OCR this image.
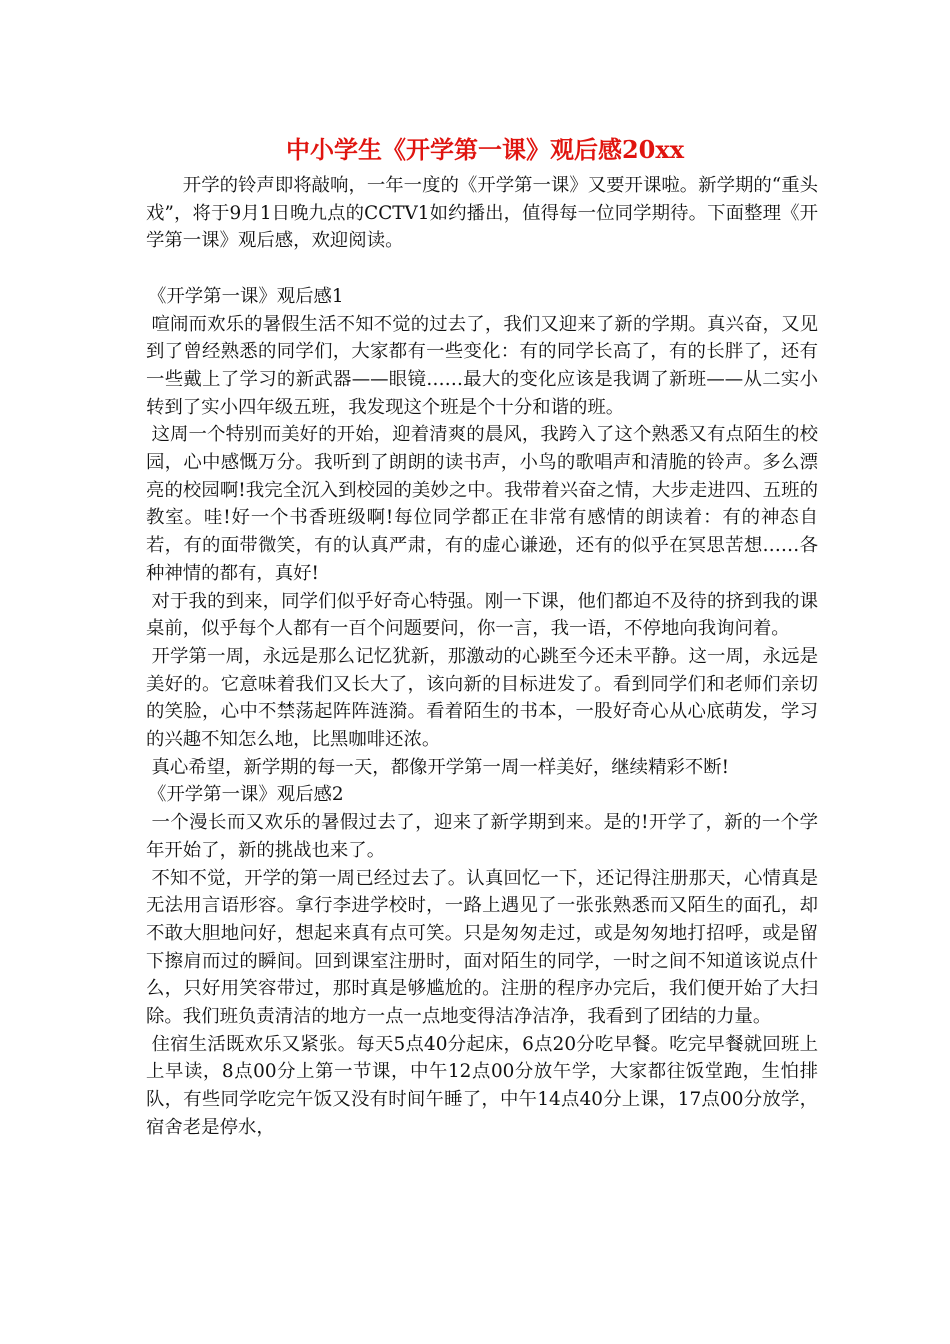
中小学生《开学第一课》观后感20xx

开学的铃声即将敲响，一年一度的《开学第一课》又要开课啦。新学期的“重头戏”，将于9月1日晚九点的CCTV1如约播出，值得每一位同学期待。下面整理《开学第一课》观后感，欢迎阅读。

《开学第一课》观后感1

喧闹而欢乐的暑假生活不知不觉的过去了，我们又迎来了新的学期。真兴奋，又见到了曾经熟悉的同学们，大家都有一些变化：有的同学长高了，有的长胖了，还有一些戴上了学习的新武器——眼镜……最大的变化应该是我调了新班——从二实小转到了实小四年级五班，我发现这个班是个十分和谐的班。

这周一个特别而美好的开始，迎着清爽的晨风，我跨入了这个熟悉又有点陌生的校园，心中感慨万分。我听到了朗朗的读书声，小鸟的歌唱声和清脆的铃声。多么漂亮的校园啊!我完全沉入到校园的美妙之中。我带着兴奋之情，大步走进四、五班的教室。哇!好一个书香班级啊!每位同学都正在非常有感情的朗读着：有的神态自若，有的面带微笑，有的认真严肃，有的虚心谦逊，还有的似乎在冥思苦想……各种神情的都有，真好!

对于我的到来，同学们似乎好奇心特强。刚一下课，他们都迫不及待的挤到我的课桌前，似乎每个人都有一百个问题要问，你一言，我一语，不停地向我询问着。

开学第一周，永远是那么记忆犹新，那激动的心跳至今还未平静。这一周，永远是美好的。它意味着我们又长大了，该向新的目标进发了。看到同学们和老师们亲切的笑脸，心中不禁荡起阵阵涟漪。看着陌生的书本，一股好奇心从心底萌发，学习的兴趣不知怎么地，比黑咖啡还浓。

真心希望，新学期的每一天，都像开学第一周一样美好，继续精彩不断!

《开学第一课》观后感2

一个漫长而又欢乐的暑假过去了，迎来了新学期到来。是的!开学了，新的一个学年开始了，新的挑战也来了。

不知不觉，开学的第一周已经过去了。认真回忆一下，还记得注册那天，心情真是无法用言语形容。拿行李进学校时，一路上遇见了一张张熟悉而又陌生的面孔，却不敢大胆地问好，想起来真有点可笑。只是匆匆走过，或是匆匆地打招呼，或是留下擦肩而过的瞬间。回到课室注册时，面对陌生的同学，一时之间不知道该说点什么，只好用笑容带过，那时真是够尴尬的。注册的程序办完后，我们便开始了大扫除。我们班负责清洁的地方一点一点地变得洁净洁净，我看到了团结的力量。

住宿生活既欢乐又紧张。每天5点40分起床，6点20分吃早餐。吃完早餐就回班上上早读，8点00分上第一节课，中午12点00分放午学，大家都往饭堂跑，生怕排队，有些同学吃完午饭又没有时间午睡了，中午14点40分上课，17点00分放学，宿舍老是停水，
